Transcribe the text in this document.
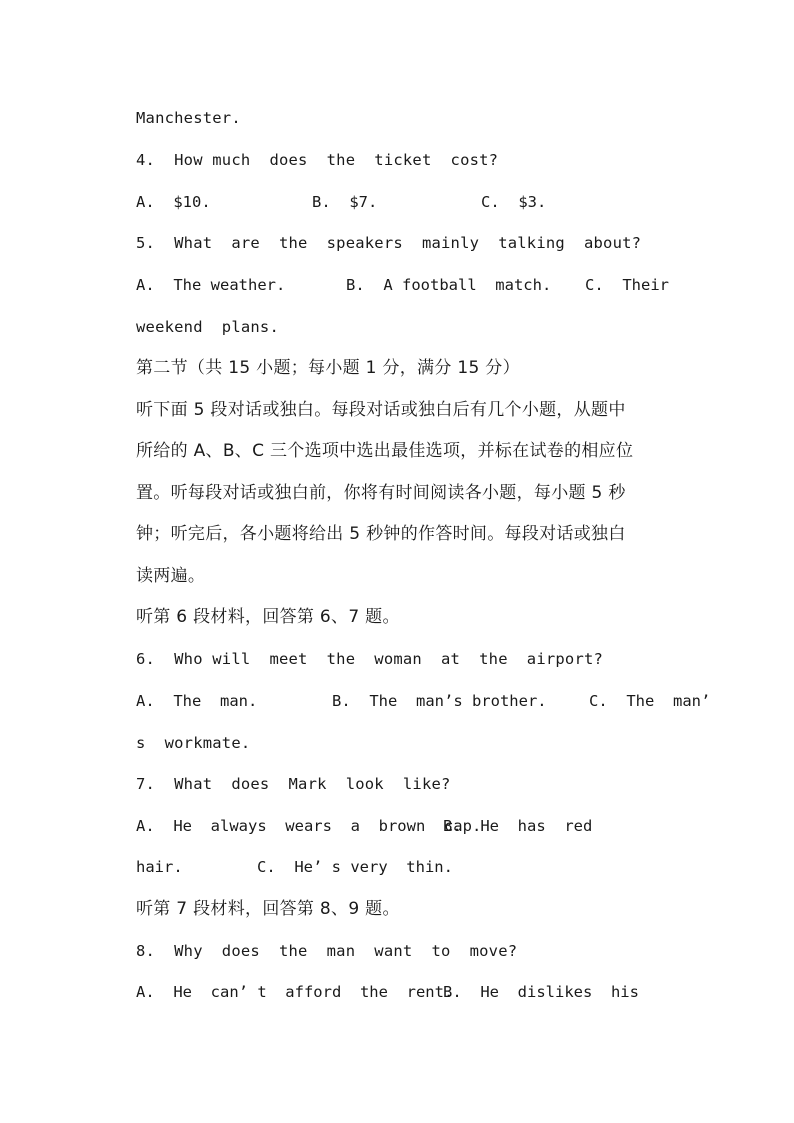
Manchester.
4.  How much  does  the  ticket  cost?
A.  $10.	B.  $7.	C.  $3.
5.  What  are  the  speakers  mainly  talking  about?
A.  The weather.	B.  A football  match. C.  Their
weekend  plans.
第二节（共 15 小题；每小题 1 分，满分 15 分）
听下面 5 段对话或独白。每段对话或独白后有几个小题，从题中
所给的 A、B、C 三个选项中选出最佳选项，并标在试卷的相应位
置。听每段对话或独白前，你将有时间阅读各小题，每小题 5 秒
钟；听完后，各小题将给出 5 秒钟的作答时间。每段对话或独白
读两遍。
听第 6 段材料，回答第 6、7 题。
6.  Who will  meet  the  woman  at  the  airport?
A.  The  man.	B.  The  man’s brother.	C.  The  man’
s  workmate.
7.  What  does  Mark  look  like?
A.  He  always  wears  a  brown  cap.
B.  He  has  red
hair.	C.  He’ s very  thin.
听第 7 段材料，回答第 8、9 题。
8.  Why  does  the  man  want  to  move?
A.  He  can’ t  afford  the  rent.
B.  He  dislikes  his
